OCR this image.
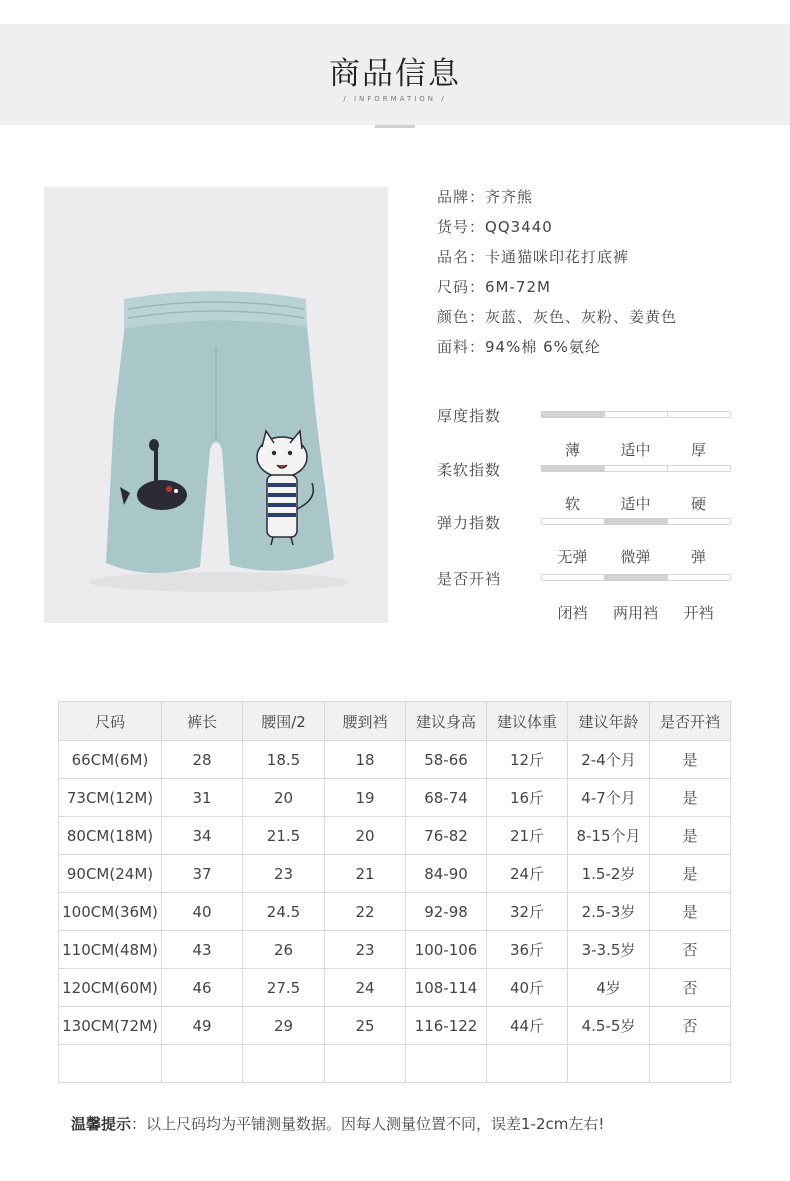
商品信息
/ INFORMATION /
品牌：齐齐熊
货号：QQ3440
品名：卡通猫咪印花打底裤
尺码：6M-72M
颜色：灰蓝、灰色、灰粉、姜黄色
面料：94%棉 6%氨纶
厚度指数
薄	适中	厚
柔软指数
软	适中	硬
弹力指数
无弹	微弹	弹
是否开裆
闭裆	两用裆	开裆
尺码	裤长	腰围/2	腰到裆	建议身高	建议体重	建议年龄	是否开裆
66CM(6M)	28	18.5	18	58-66	12斤	2-4个月	是
73CM(12M)	31	20	19	68-74	16斤	4-7个月	是
80CM(18M)	34	21.5	20	76-82	21斤	8-15个月	是
90CM(24M)	37	23	21	84-90	24斤	1.5-2岁	是
100CM(36M)	40	24.5	22	92-98	32斤	2.5-3岁	是
110CM(48M)	43	26	23	100-106	36斤	3-3.5岁	否
120CM(60M)	46	27.5	24	108-114	40斤	4岁	否
130CM(72M)	49	29	25	116-122	44斤	4.5-5岁	否

温馨提示：以上尺码均为平铺测量数据。因每人测量位置不同，误差1-2cm左右!
